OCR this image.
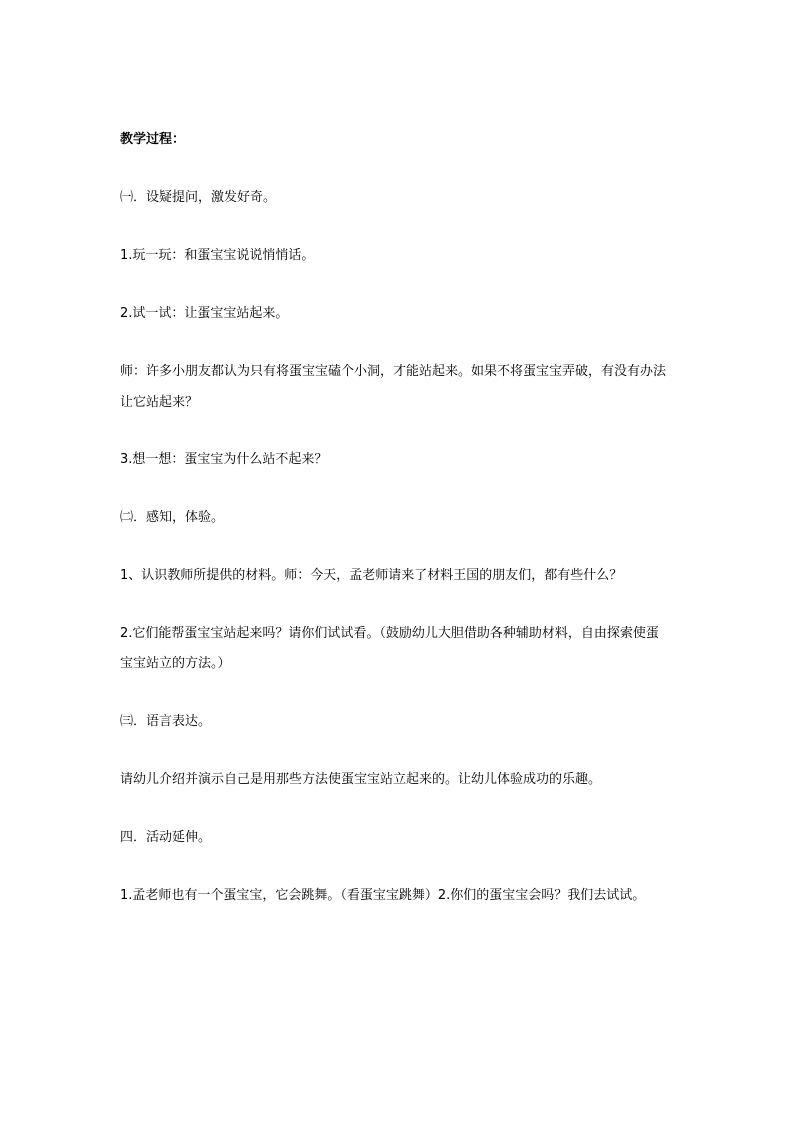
教学过程：
㈠．设疑提问，激发好奇。
1.玩一玩：和蛋宝宝说说悄悄话。
2.试一试：让蛋宝宝站起来。
师：许多小朋友都认为只有将蛋宝宝磕个小洞，才能站起来。如果不将蛋宝宝弄破，有没有办法
让它站起来？
3.想一想：蛋宝宝为什么站不起来？
㈡．感知，体验。
1、认识教师所提供的材料。师：今天，孟老师请来了材料王国的朋友们，都有些什么？
2.它们能帮蛋宝宝站起来吗？请你们试试看。（鼓励幼儿大胆借助各种辅助材料，自由探索使蛋
宝宝站立的方法。）
㈢．语言表达。
请幼儿介绍并演示自己是用那些方法使蛋宝宝站立起来的。让幼儿体验成功的乐趣。
四．活动延伸。
1.孟老师也有一个蛋宝宝，它会跳舞。（看蛋宝宝跳舞）2.你们的蛋宝宝会吗？我们去试试。
